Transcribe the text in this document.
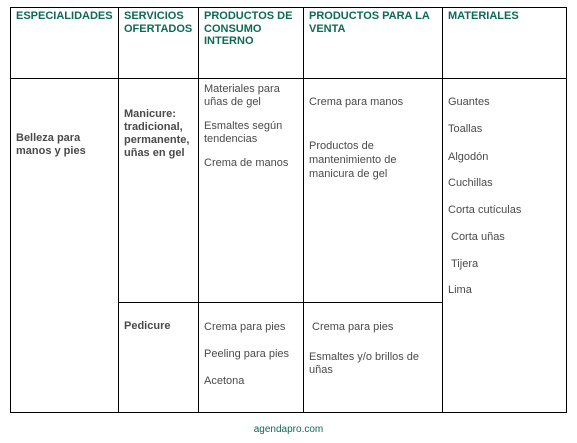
ESPECIALIDADES	SERVICIOS OFERTADOS
PRODUCTOS DE CONSUMO INTERNO
PRODUCTOS PARA LA VENTA
MATERIALES
Belleza para manos y pies
Manicure: tradicional, permanente, uñas en gel
Pedicure
Materiales para uñas de gel
Esmaltes según tendencias
Crema de manos
Crema para pies
Peeling para pies
Acetona
Crema para manos
Productos de mantenimiento de manicura de gel
Crema para pies
Esmaltes y/o brillos de uñas
Guantes
Toallas
Algodón
Cuchillas
Corta cutículas
Corta uñas
Tijera
Lima
agendapro.com
